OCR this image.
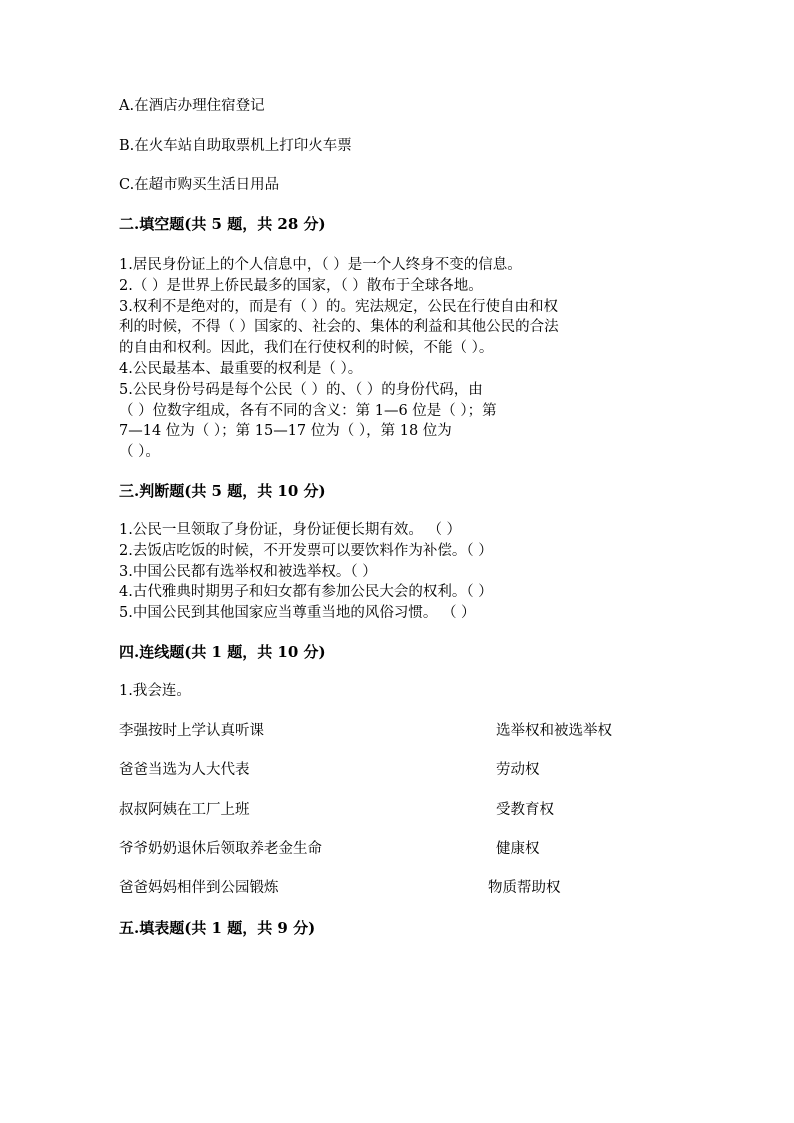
A.在酒店办理住宿登记
B.在火车站自助取票机上打印火车票
C.在超市购买生活日用品
二.填空题(共 5 题，共 28 分)
1.居民身份证上的个人信息中，（ ）是一个人终身不变的信息。
2.（ ）是世界上侨民最多的国家，（ ）散布于全球各地。
3.权利不是绝对的，而是有（ ）的。宪法规定，公民在行使自由和权
利的时候，不得（ ）国家的、社会的、集体的利益和其他公民的合法
的自由和权利。因此，我们在行使权利的时候，不能（ ）。
4.公民最基本、最重要的权利是（ ）。
5.公民身份号码是每个公民（ ）的、（ ）的身份代码，由
（ ）位数字组成，各有不同的含义：第 1—6 位是（ ）；第
7—14 位为（ ）；第 15—17 位为（ ），第 18 位为
（ ）。
三.判断题(共 5 题，共 10 分)
1.公民一旦领取了身份证，身份证便长期有效。 （ ）
2.去饭店吃饭的时候，不开发票可以要饮料作为补偿。（ ）
3.中国公民都有选举权和被选举权。（ ）
4.古代雅典时期男子和妇女都有参加公民大会的权利。（ ）
5.中国公民到其他国家应当尊重当地的风俗习惯。 （ ）
四.连线题(共 1 题，共 10 分)
1.我会连。
李强按时上学认真听课	选举权和被选举权
爸爸当选为人大代表	劳动权
叔叔阿姨在工厂上班	受教育权
爷爷奶奶退休后领取养老金生命	健康权
爸爸妈妈相伴到公园锻炼	物质帮助权
五.填表题(共 1 题，共 9 分)
